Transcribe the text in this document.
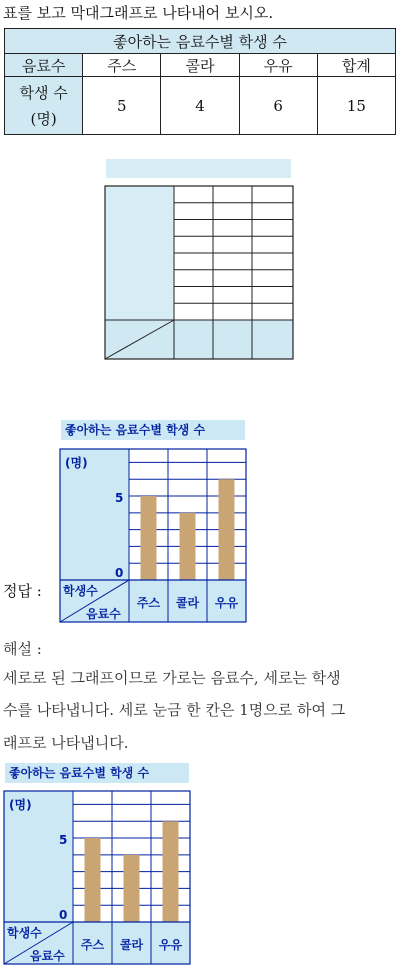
표를 보고 막대그래프로 나타내어 보시오.
좋아하는 음료수별 학생 수				
음료수	주스	콜라	우유	합계

학생 수
(명)	5	4	6	15
정답 :
좋아하는 음료수별 학생 수
(명)
5
0
학생수
음료수
주스	콜라	우유
해설 :
세로로 된 그래프이므로 가로는 음료수, 세로는 학생
수를 나타냅니다. 세로 눈금 한 칸은 1명으로 하여 그
래프로 나타냅니다.
좋아하는 음료수별 학생 수
(명)
5
0
학생수
음료수
주스	콜라	우유
